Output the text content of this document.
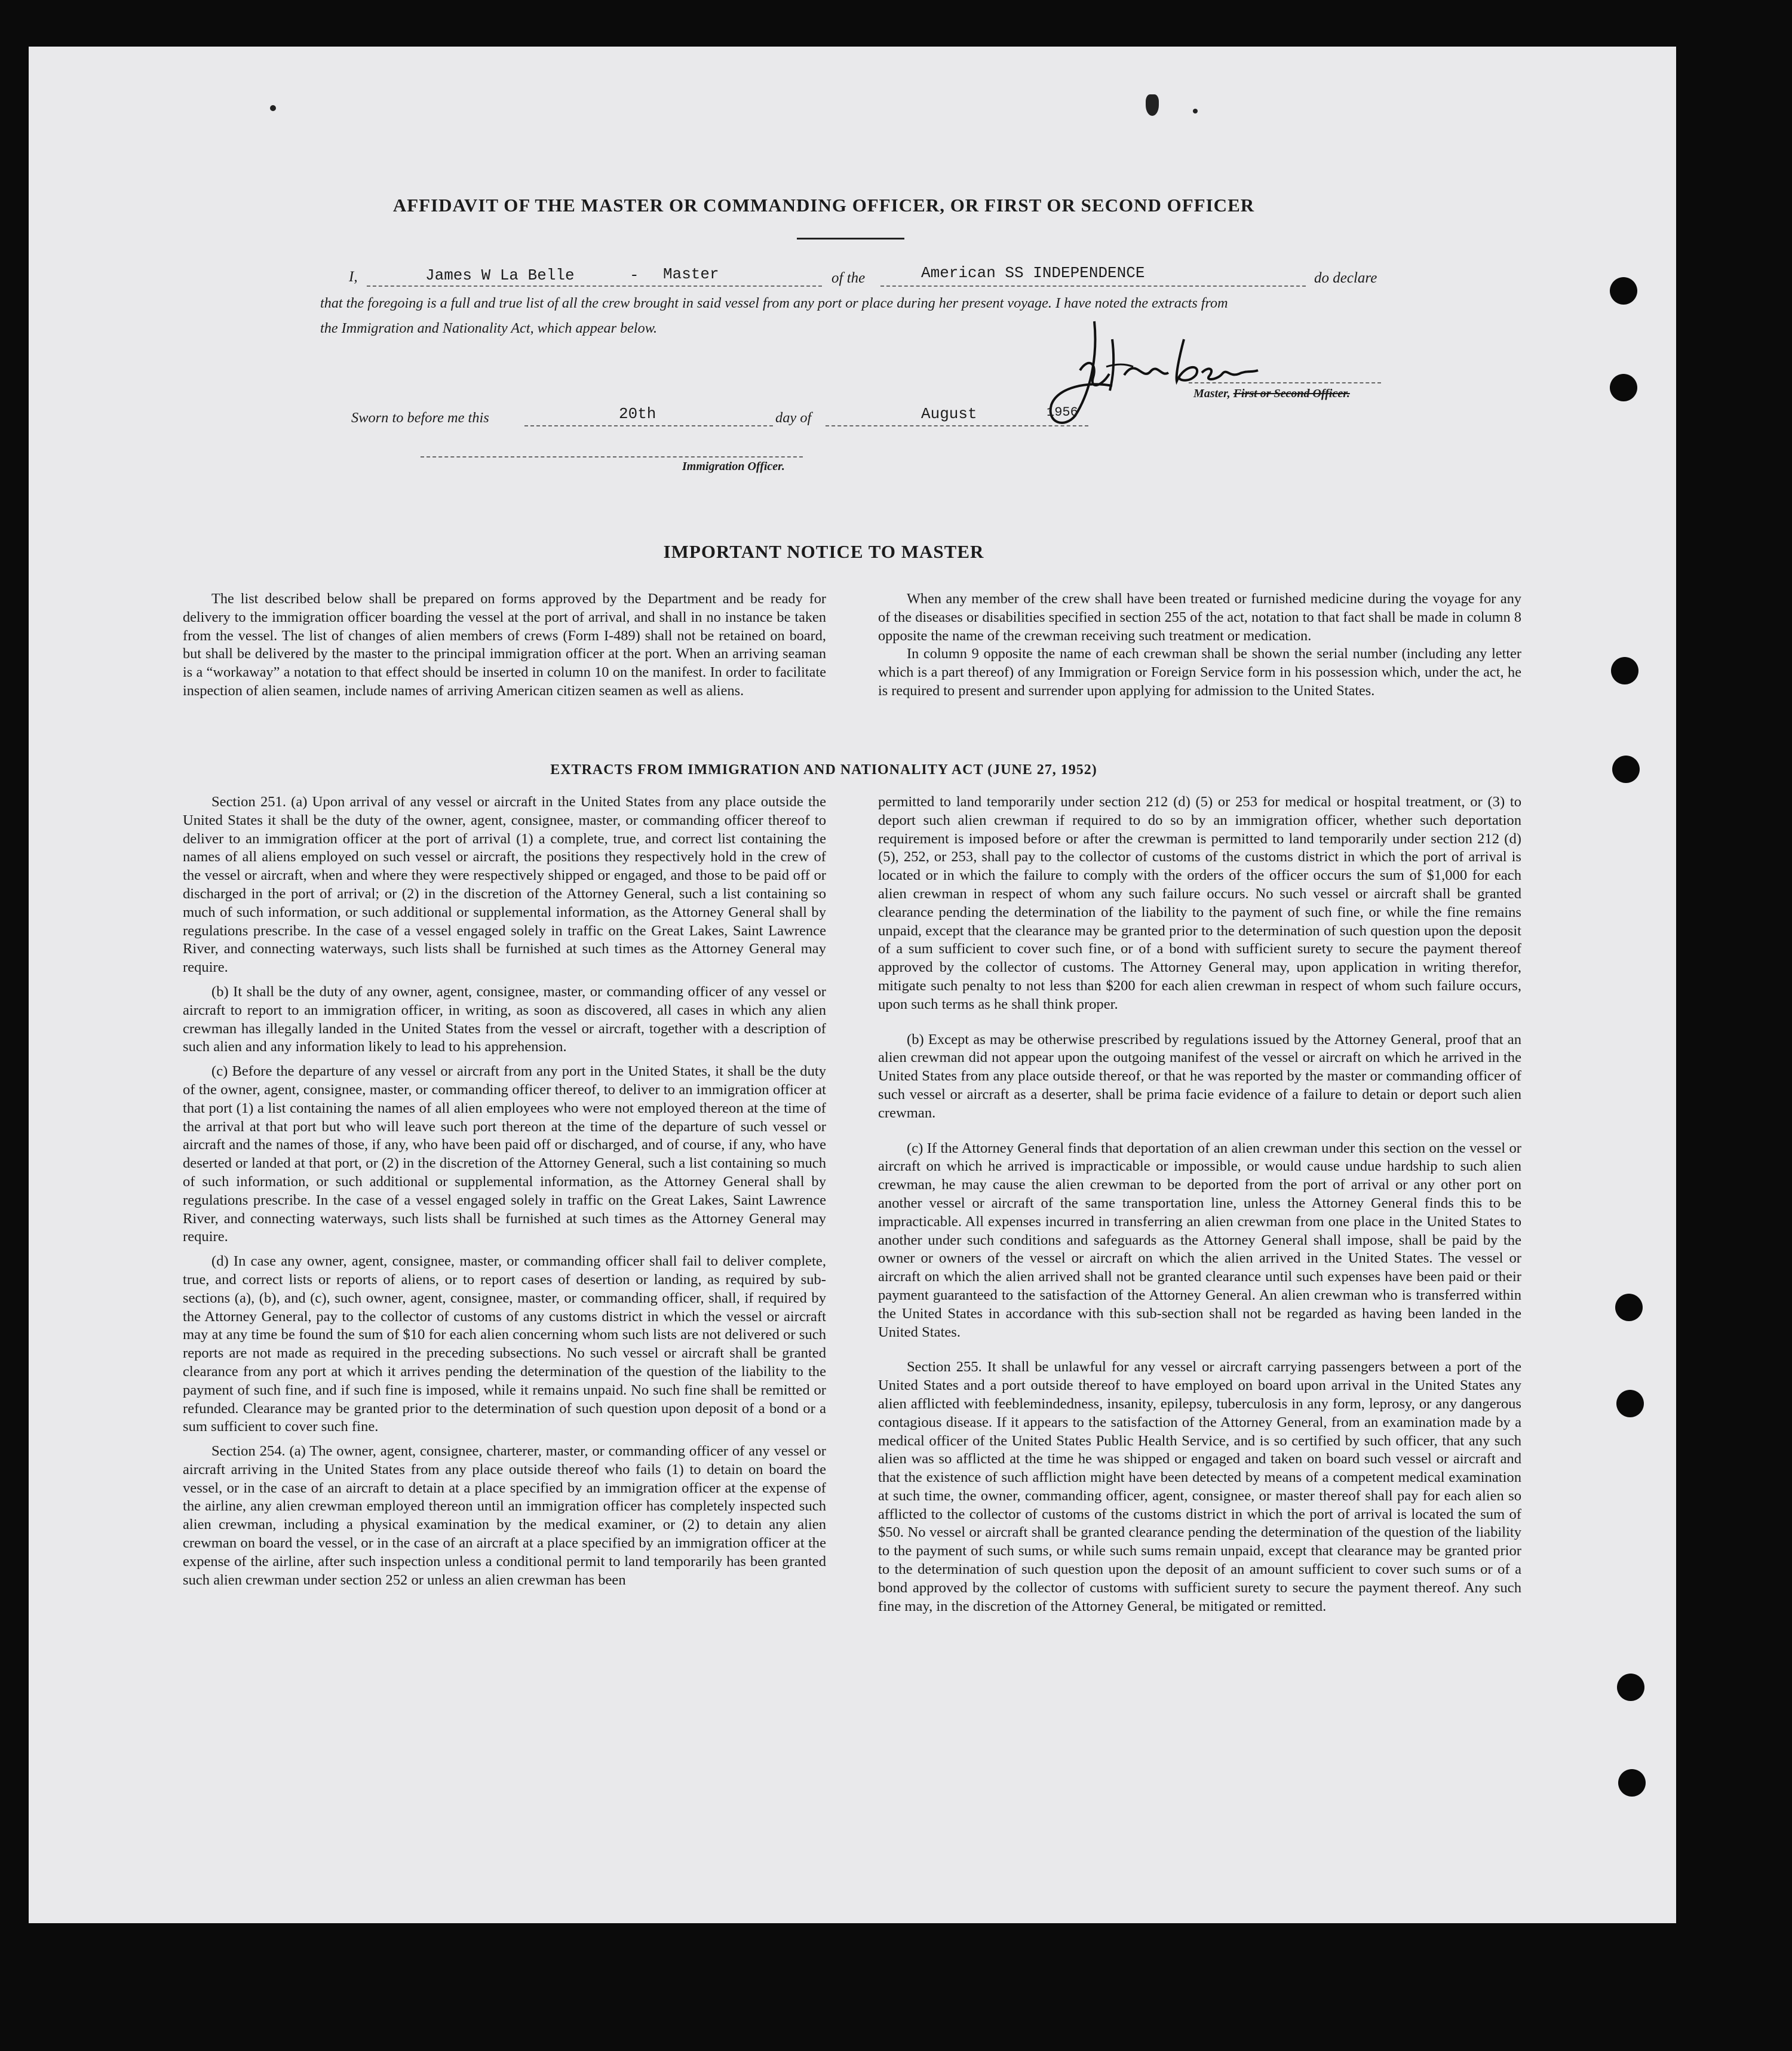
AFFIDAVIT OF THE MASTER OR COMMANDING OFFICER, OR FIRST OR SECOND OFFICER
I,	James W La Belle	- Master	of the	American SS INDEPENDENCE	do declare
that the foregoing is a full and true list of all the crew brought in said vessel from any port or place during her present voyage. I have noted the extracts from
the Immigration and Nationality Act, which appear below.
Master, First or Second Officer.
Sworn to before me this	20th	day of	August	1956
Immigration Officer.
IMPORTANT NOTICE TO MASTER

The list described below shall be prepared on forms approved by the Department and be ready for delivery to the immigration officer boarding the vessel at the port of arrival, and shall in no instance be taken from the vessel. The list of changes of alien members of crews (Form I-489) shall not be retained on board, but shall be delivered by the master to the principal immigration officer at the port. When an arriving seaman is a “workaway” a notation to that effect should be inserted in column 10 on the manifest. In order to facilitate inspection of alien seamen, include names of arriving American citizen seamen as well as aliens.

When any member of the crew shall have been treated or furnished medicine during the voyage for any of the diseases or disabilities specified in section 255 of the act, notation to that fact shall be made in column 8 opposite the name of the crewman receiving such treatment or medication.

In column 9 opposite the name of each crewman shall be shown the serial number (including any letter which is a part thereof) of any Immigration or Foreign Service form in his possession which, under the act, he is required to present and surrender upon applying for admission to the United States.

EXTRACTS FROM IMMIGRATION AND NATIONALITY ACT (JUNE 27, 1952)

Section 251. (a) Upon arrival of any vessel or aircraft in the United States from any place outside the United States it shall be the duty of the owner, agent, consignee, master, or commanding officer thereof to deliver to an immigration officer at the port of arrival (1) a complete, true, and correct list containing the names of all aliens employed on such vessel or aircraft, the positions they respectively hold in the crew of the vessel or aircraft, when and where they were respectively shipped or engaged, and those to be paid off or discharged in the port of arrival; or (2) in the discretion of the Attorney General, such a list containing so much of such information, or such additional or supplemental information, as the Attorney General shall by regulations prescribe. In the case of a vessel engaged solely in traffic on the Great Lakes, Saint Lawrence River, and connecting waterways, such lists shall be furnished at such times as the Attorney General may require.

(b) It shall be the duty of any owner, agent, consignee, master, or commanding officer of any vessel or aircraft to report to an immigration officer, in writing, as soon as discovered, all cases in which any alien crewman has illegally landed in the United States from the vessel or aircraft, together with a description of such alien and any information likely to lead to his apprehension.

(c) Before the departure of any vessel or aircraft from any port in the United States, it shall be the duty of the owner, agent, consignee, master, or commanding officer thereof, to deliver to an immigration officer at that port (1) a list containing the names of all alien employees who were not employed thereon at the time of the arrival at that port but who will leave such port thereon at the time of the departure of such vessel or aircraft and the names of those, if any, who have been paid off or discharged, and of course, if any, who have deserted or landed at that port, or (2) in the discretion of the Attorney General, such a list containing so much of such information, or such additional or supplemental information, as the Attorney General shall by regulations prescribe. In the case of a vessel engaged solely in traffic on the Great Lakes, Saint Lawrence River, and connecting waterways, such lists shall be furnished at such times as the Attorney General may require.

(d) In case any owner, agent, consignee, master, or commanding officer shall fail to deliver complete, true, and correct lists or reports of aliens, or to report cases of desertion or landing, as required by sub-sections (a), (b), and (c), such owner, agent, consignee, master, or commanding officer, shall, if required by the Attorney General, pay to the collector of customs of any customs district in which the vessel or aircraft may at any time be found the sum of $10 for each alien concerning whom such lists are not delivered or such reports are not made as required in the preceding subsections. No such vessel or aircraft shall be granted clearance from any port at which it arrives pending the determination of the question of the liability to the payment of such fine, and if such fine is imposed, while it remains unpaid. No such fine shall be remitted or refunded. Clearance may be granted prior to the determination of such question upon deposit of a bond or a sum sufficient to cover such fine.

Section 254. (a) The owner, agent, consignee, charterer, master, or commanding officer of any vessel or aircraft arriving in the United States from any place outside thereof who fails (1) to detain on board the vessel, or in the case of an aircraft to detain at a place specified by an immigration officer at the expense of the airline, any alien crewman employed thereon until an immigration officer has completely inspected such alien crewman, including a physical examination by the medical examiner, or (2) to detain any alien crewman on board the vessel, or in the case of an aircraft at a place specified by an immigration officer at the expense of the airline, after such inspection unless a conditional permit to land temporarily has been granted such alien crewman under section 252 or unless an alien crewman has been

permitted to land temporarily under section 212 (d) (5) or 253 for medical or hospital treatment, or (3) to deport such alien crewman if required to do so by an immigration officer, whether such deportation requirement is imposed before or after the crewman is permitted to land temporarily under section 212 (d) (5), 252, or 253, shall pay to the collector of customs of the customs district in which the port of arrival is located or in which the failure to comply with the orders of the officer occurs the sum of $1,000 for each alien crewman in respect of whom any such failure occurs. No such vessel or aircraft shall be granted clearance pending the determination of the liability to the payment of such fine, or while the fine remains unpaid, except that the clearance may be granted prior to the determination of such question upon the deposit of a sum sufficient to cover such fine, or of a bond with sufficient surety to secure the payment thereof approved by the collector of customs. The Attorney General may, upon application in writing therefor, mitigate such penalty to not less than $200 for each alien crewman in respect of whom such failure occurs, upon such terms as he shall think proper.

(b) Except as may be otherwise prescribed by regulations issued by the Attorney General, proof that an alien crewman did not appear upon the outgoing manifest of the vessel or aircraft on which he arrived in the United States from any place outside thereof, or that he was reported by the master or commanding officer of such vessel or aircraft as a deserter, shall be prima facie evidence of a failure to detain or deport such alien crewman.

(c) If the Attorney General finds that deportation of an alien crewman under this section on the vessel or aircraft on which he arrived is impracticable or impossible, or would cause undue hardship to such alien crewman, he may cause the alien crewman to be deported from the port of arrival or any other port on another vessel or aircraft of the same transportation line, unless the Attorney General finds this to be impracticable. All expenses incurred in transferring an alien crewman from one place in the United States to another under such conditions and safeguards as the Attorney General shall impose, shall be paid by the owner or owners of the vessel or aircraft on which the alien arrived in the United States. The vessel or aircraft on which the alien arrived shall not be granted clearance until such expenses have been paid or their payment guaranteed to the satisfaction of the Attorney General. An alien crewman who is transferred within the United States in accordance with this sub-section shall not be regarded as having been landed in the United States.

Section 255. It shall be unlawful for any vessel or aircraft carrying passengers between a port of the United States and a port outside thereof to have employed on board upon arrival in the United States any alien afflicted with feeblemindedness, insanity, epilepsy, tuberculosis in any form, leprosy, or any dangerous contagious disease. If it appears to the satisfaction of the Attorney General, from an examination made by a medical officer of the United States Public Health Service, and is so certified by such officer, that any such alien was so afflicted at the time he was shipped or engaged and taken on board such vessel or aircraft and that the existence of such affliction might have been detected by means of a competent medical examination at such time, the owner, commanding officer, agent, consignee, or master thereof shall pay for each alien so afflicted to the collector of customs of the customs district in which the port of arrival is located the sum of $50. No vessel or aircraft shall be granted clearance pending the determination of the question of the liability to the payment of such sums, or while such sums remain unpaid, except that clearance may be granted prior to the determination of such question upon the deposit of an amount sufficient to cover such sums or of a bond approved by the collector of customs with sufficient surety to secure the payment thereof. Any such fine may, in the discretion of the Attorney General, be mitigated or remitted.
